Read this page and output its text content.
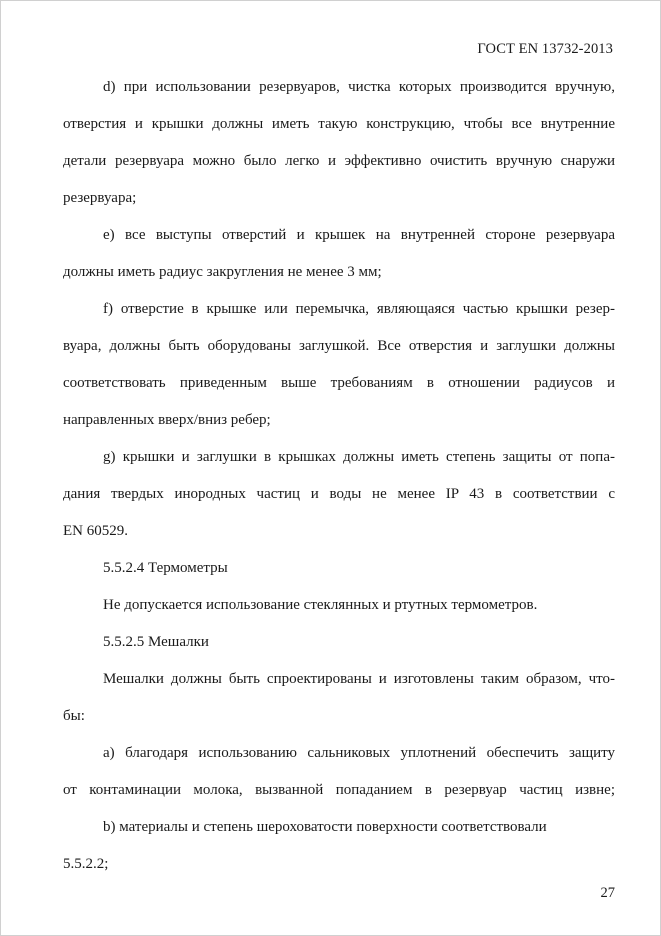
ГОСТ EN 13732-2013
d) при использовании резервуаров, чистка которых производится вручную,
отверстия и крышки должны иметь такую конструкцию, чтобы все внутренние
детали резервуара можно было легко и эффективно очистить вручную снаружи
резервуара;
e) все выступы отверстий и крышек на внутренней стороне резервуара
должны иметь радиус закругления не менее 3 мм;
f) отверстие в крышке или перемычка, являющаяся частью крышки резер-
вуара, должны быть оборудованы заглушкой. Все отверстия и заглушки должны
соответствовать приведенным выше требованиям в отношении радиусов и
направленных вверх/вниз ребер;
g) крышки и заглушки в крышках должны иметь степень защиты от попа-
дания твердых инородных частиц и воды не менее IP 43 в соответствии с
EN 60529.
5.5.2.4 Термометры
Не допускается использование стеклянных и ртутных термометров.
5.5.2.5 Мешалки
Мешалки должны быть спроектированы и изготовлены таким образом, что-
бы:
a) благодаря использованию сальниковых уплотнений обеспечить защиту
от контаминации молока, вызванной попаданием в резервуар частиц извне;
b) материалы и степень шероховатости поверхности соответствовали
5.5.2.2;
27
